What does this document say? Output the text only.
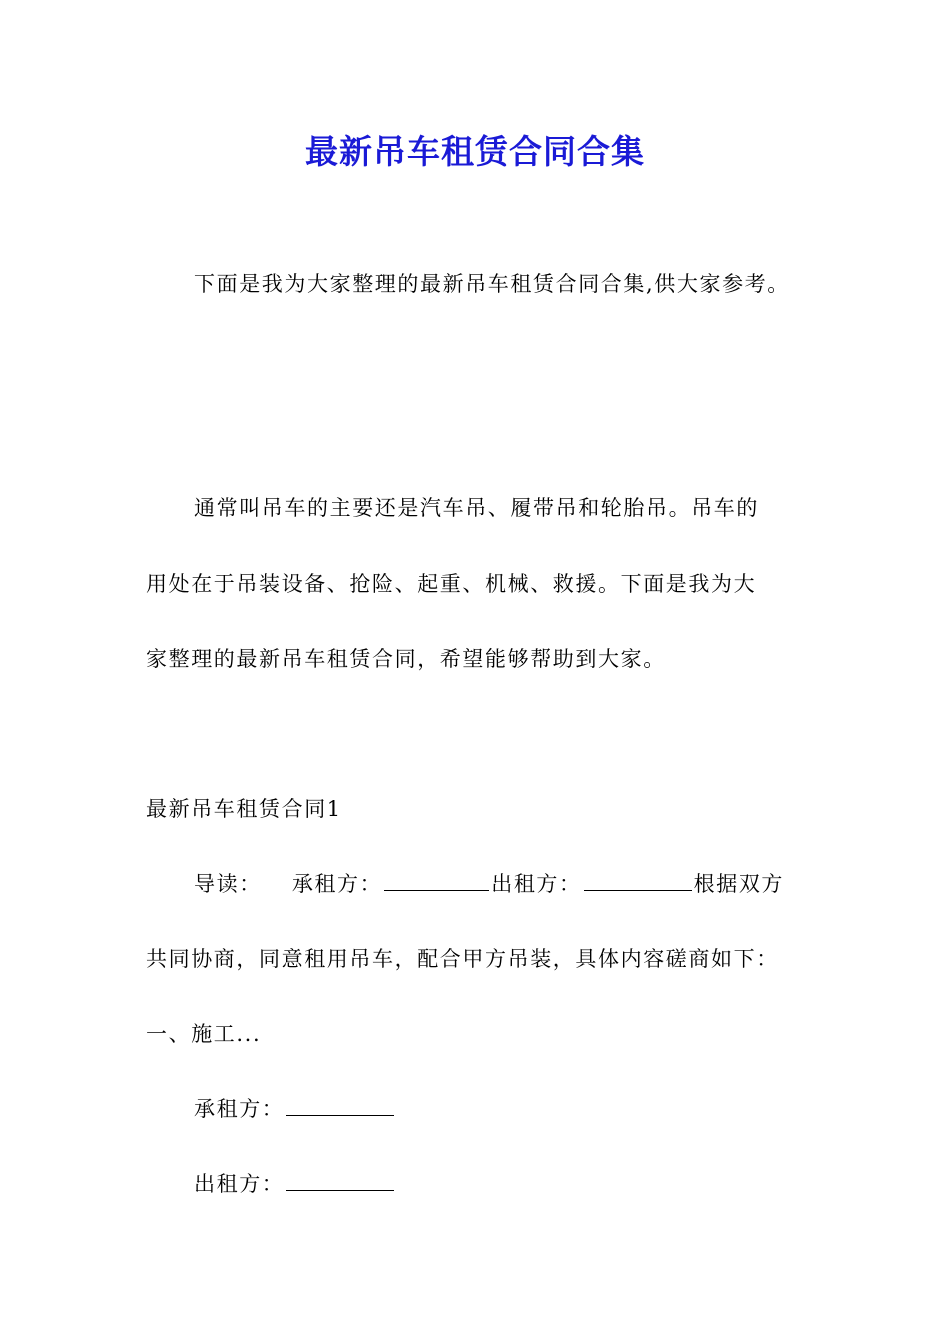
最新吊车租赁合同合集
下面是我为大家整理的最新吊车租赁合同合集,供大家参考。
通常叫吊车的主要还是汽车吊、履带吊和轮胎吊。吊车的
用处在于吊装设备、抢险、起重、机械、救援。下面是我为大
家整理的最新吊车租赁合同，希望能够帮助到大家。
最新吊车租赁合同1
导读： 承租方：	出租方：	根据双方
共同协商，同意租用吊车，配合甲方吊装，具体内容磋商如下：
一、施工...
承租方：
出租方：
